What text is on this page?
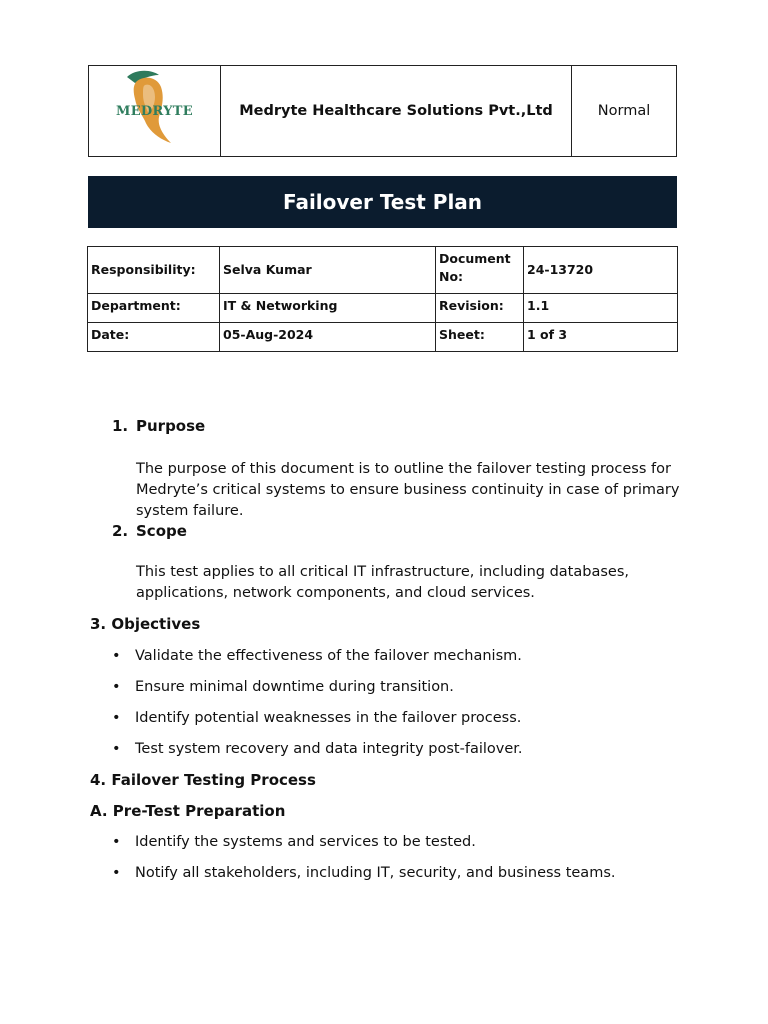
MEDRYTE	Medryte Healthcare Solutions Pvt.,Ltd	Normal
Failover Test Plan
Responsibility:	Selva Kumar	Document No:	24-13720
Department:	IT & Networking	Revision:	1.1
Date:	05-Aug-2024	Sheet:	1 of 3
1. Purpose
The purpose of this document is to outline the failover testing process for Medryte’s critical systems to ensure business continuity in case of primary system failure.
2. Scope
This test applies to all critical IT infrastructure, including databases, applications, network components, and cloud services.
3. Objectives
• Validate the effectiveness of the failover mechanism.
• Ensure minimal downtime during transition.
• Identify potential weaknesses in the failover process.
• Test system recovery and data integrity post-failover.
4. Failover Testing Process
A. Pre-Test Preparation
• Identify the systems and services to be tested.
• Notify all stakeholders, including IT, security, and business teams.
